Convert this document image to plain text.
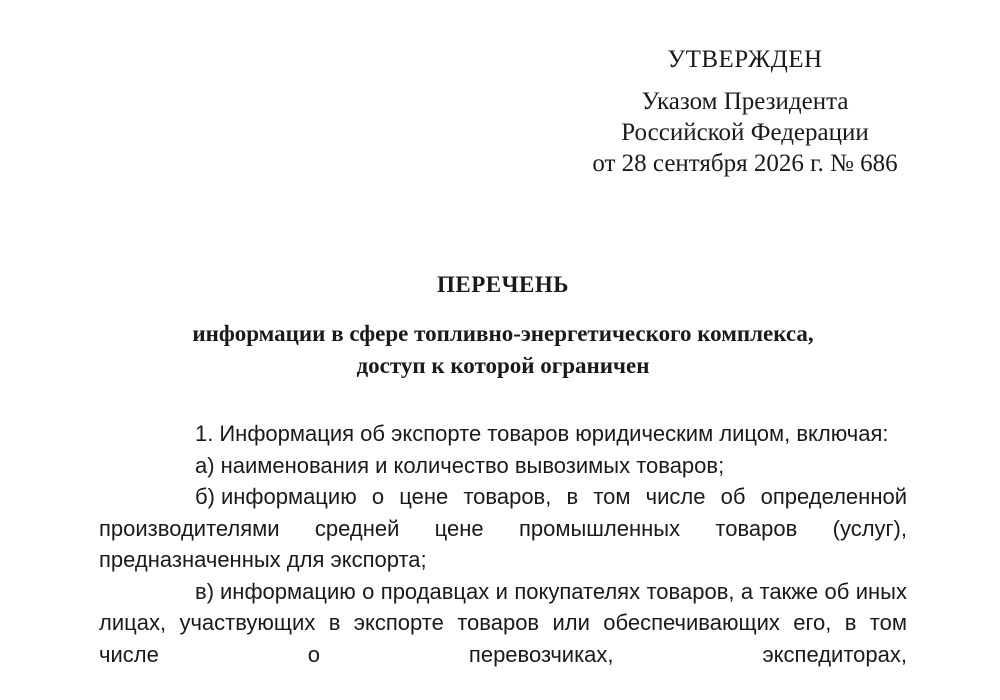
УТВЕРЖДЕН
Указом Президента
Российской Федерации
от 28 сентября 2026 г. № 686
ПЕРЕЧЕНЬ
информации в сфере топливно-энергетического комплекса,
доступ к которой ограничен

1. Информация об экспорте товаров юридическим лицом, включая:

а) наименования и количество вывозимых товаров;

б) информацию о цене товаров, в том числе об определенной производителями средней цене промышленных товаров (услуг), предназначенных для экспорта;

в) информацию о продавцах и покупателях товаров, а также об иных лицах, участвующих в экспорте товаров или обеспечивающих его, в том числе о перевозчиках, экспедиторах,
